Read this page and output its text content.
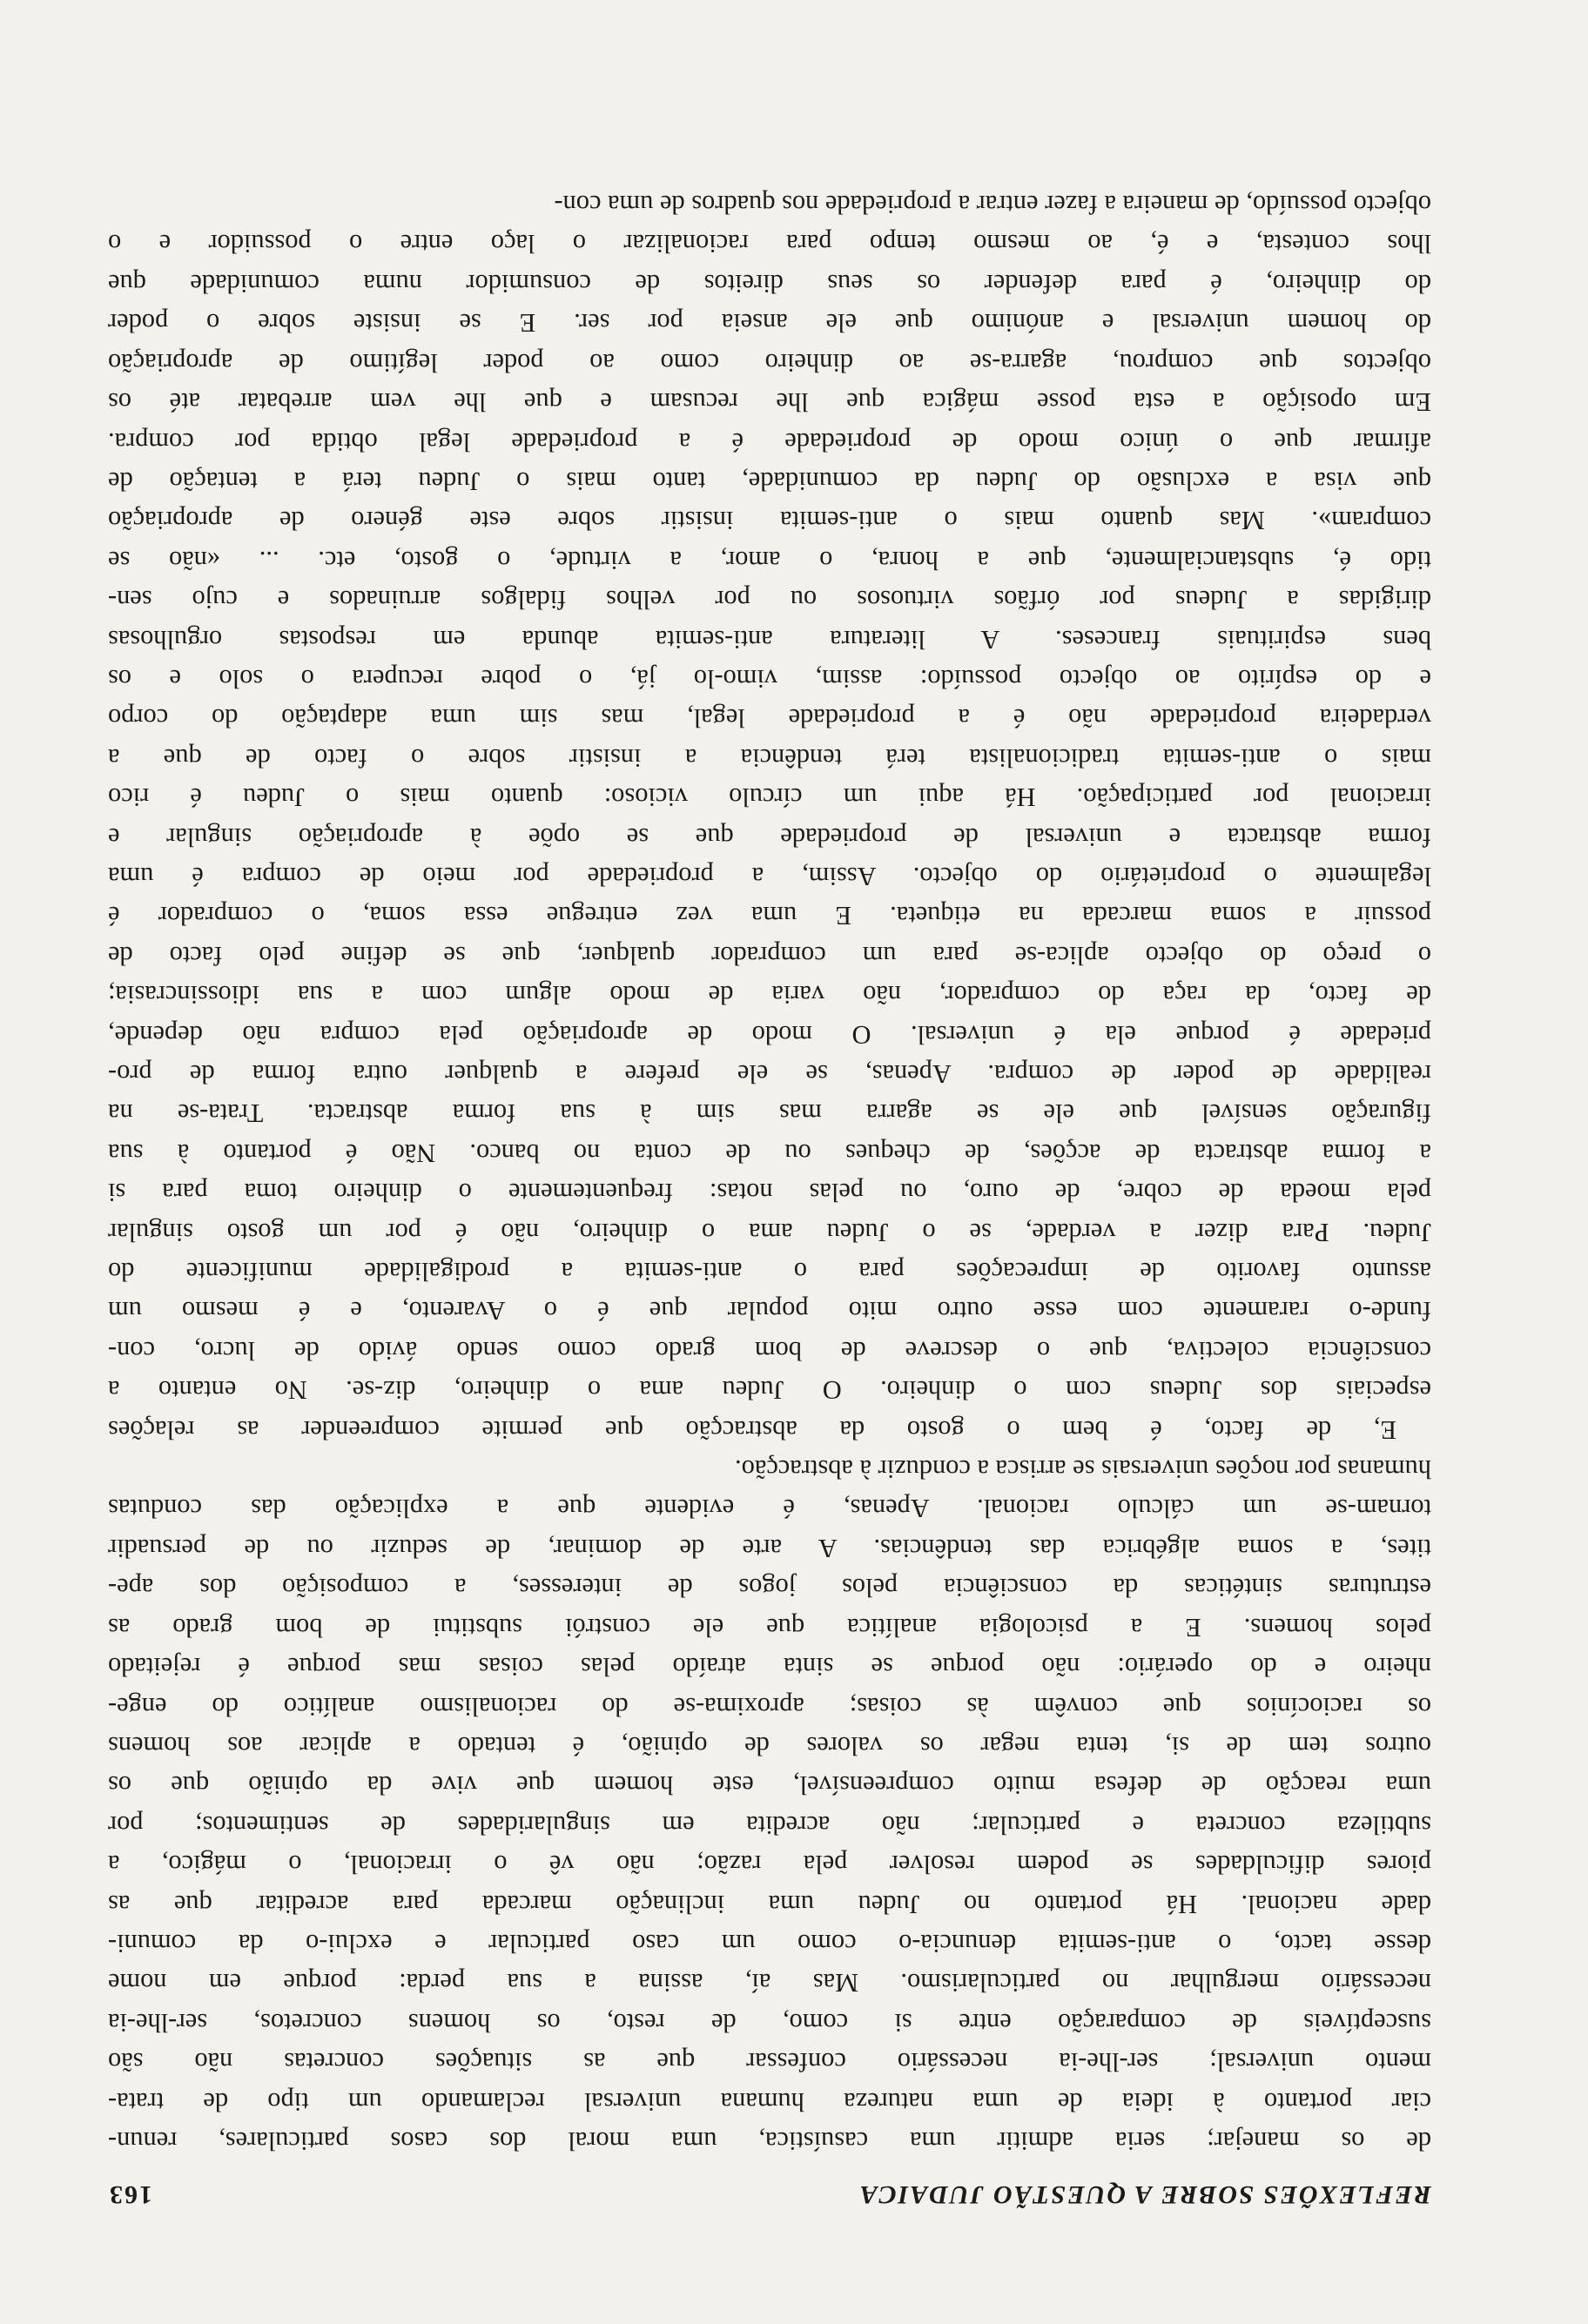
REFLEXÕES SOBRE A QUESTÃO JUDAICA
163

de os manejar; seria admitir uma casuística, uma moral dos casos particulares, renun-
ciar portanto à ideia de uma natureza humana universal reclamando um tipo de trata-
mento universal; ser-lhe-ia necessário confessar que as situações concretas não são
susceptíveis de comparação entre si como, de resto, os homens concretos, ser-lhe-ia
necessário mergulhar no particularismo. Mas aí, assina a sua perda: porque em nome
desse tacto, o anti-semita denuncia-o como um caso particular e exclui-o da comuni-
dade nacional. Há portanto no Judeu uma inclinação marcada para acreditar que as
piores dificuldades se podem resolver pela razão; não vê o irracional, o mágico, a
subtileza concreta e particular; não acredita em singularidades de sentimentos; por
uma reacção de defesa muito compreensível, este homem que vive da opinião que os
outros tem de si, tenta negar os valores de opinião, é tentado a aplicar aos homens
os raciocínios que convêm às coisas; aproxima-se do racionalismo analítico do enge-
nheiro e do operário: não porque se sinta atraído pelas coisas mas porque é rejeitado
pelos homens. E a psicologia analítica que ele constrói substitui de bom grado as
estruturas sintéticas da consciência pelos jogos de interesses, a composição dos ape-
tites, a soma algébrica das tendências. A arte de dominar, de seduzir ou de persuadir
tornam-se um cálculo racional. Apenas, é evidente que a explicação das condutas
humanas por noções universais se arrisca a conduzir à abstracção.

E, de facto, é bem o gosto da abstracção que permite compreender as relações
especiais dos Judeus com o dinheiro. O Judeu ama o dinheiro, diz-se. No entanto a
consciência colectiva, que o descreve de bom grado como sendo ávido de lucro, con-
funde-o raramente com esse outro mito popular que é o Avarento, e é mesmo um
assunto favorito de imprecações para o anti-semita a prodigalidade munificente do
Judeu. Para dizer a verdade, se o Judeu ama o dinheiro, não é por um gosto singular
pela moeda de cobre, de ouro, ou pelas notas: frequentemente o dinheiro toma para si
a forma abstracta de acções, de cheques ou de conta no banco. Não é portanto à sua
figuração sensível que ele se agarra mas sim à sua forma abstracta. Trata-se na
realidade de poder de compra. Apenas, se ele prefere a qualquer outra forma de pro-
priedade é porque ela é universal. O modo de apropriação pela compra não depende,
de facto, da raça do comprador, não varia de modo algum com a sua idiossincrasia;
o preço do objecto aplica-se para um comprador qualquer, que se define pelo facto de
possuir a soma marcada na etiqueta. E uma vez entregue essa soma, o comprador é
legalmente o proprietário do objecto. Assim, a propriedade por meio de compra é uma
forma abstracta e universal de propriedade que se opõe à apropriação singular e
irracional por participação. Há aqui um círculo vicioso: quanto mais o Judeu é rico
mais o anti-semita tradicionalista terá tendência a insistir sobre o facto de que a
verdadeira propriedade não é a propriedade legal, mas sim uma adaptação do corpo
e do espírito ao objecto possuído: assim, vimo-lo já, o pobre recupera o solo e os
bens espirituais franceses. A literatura anti-semita abunda em respostas orgulhosas
dirigidas a Judeus por órfãos virtuosos ou por velhos fidalgos arruinados e cujo sen-
tido é, substancialmente, que a honra, o amor, a virtude, o gosto, etc. ... «não se
compram». Mas quanto mais o anti-semita insistir sobre este género de apropriação
que visa a exclusão do Judeu da comunidade, tanto mais o Judeu terá a tentação de
afirmar que o único modo de propriedade é a propriedade legal obtida por compra.
Em oposição a esta posse mágica que lhe recusam e que lhe vem arrebatar até os
objectos que comprou, agarra-se ao dinheiro como ao poder legítimo de apropriação
do homem universal e anónimo que ele anseia por ser. E se insiste sobre o poder
do dinheiro, é para defender os seus direitos de consumidor numa comunidade que
lhos contesta, e é, ao mesmo tempo para racionalizar o laço entre o possuidor e o
objecto possuído, de maneira a fazer entrar a propriedade nos quadros de uma con-
